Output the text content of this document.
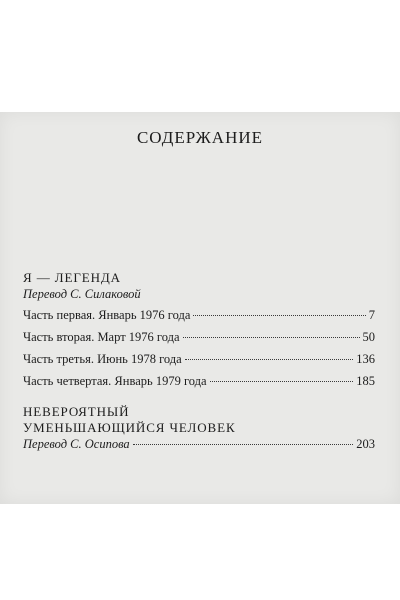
СОДЕРЖАНИЕ
Я — ЛЕГЕНДА
Перевод С. Силаковой
Часть первая. Январь 1976 года	7
Часть вторая. Март 1976 года	50
Часть третья. Июнь 1978 года	136
Часть четвертая. Январь 1979 года	185
НЕВЕРОЯТНЫЙ
УМЕНЬШАЮЩИЙСЯ ЧЕЛОВЕК
Перевод С. Осипова	203
